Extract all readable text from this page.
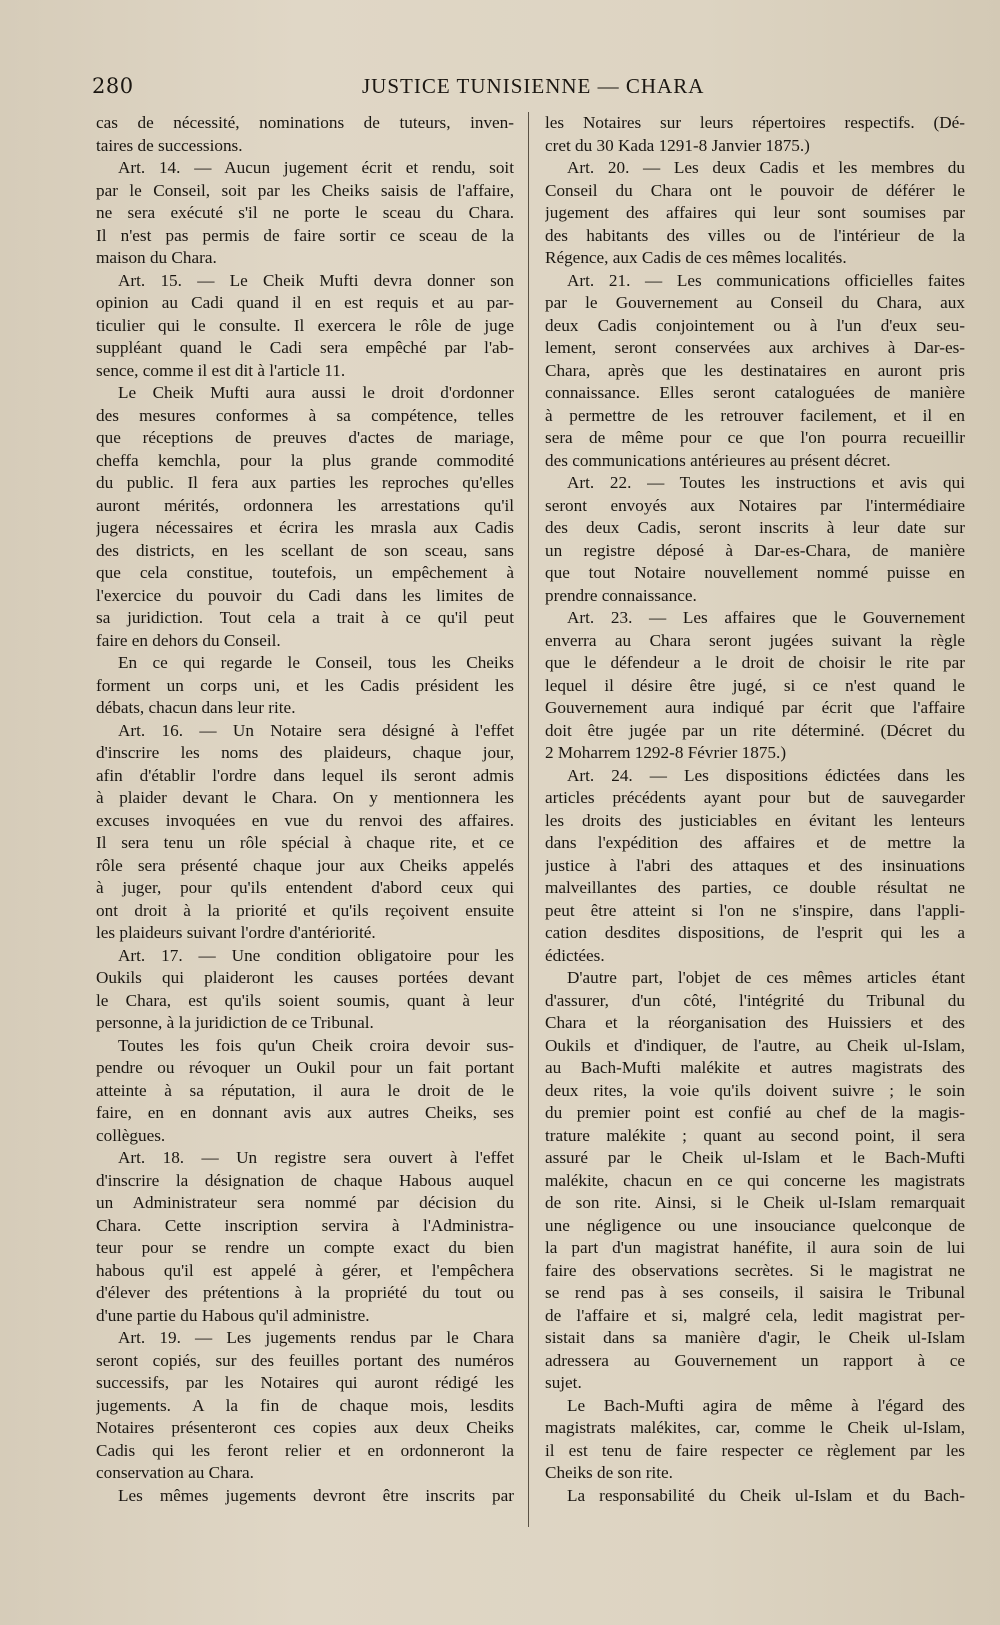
280	JUSTICE TUNISIENNE — CHARA
cas de nécessité, nominations de tuteurs, inven-
taires de successions.
Art. 14. — Aucun jugement écrit et rendu, soit
par le Conseil, soit par les Cheiks saisis de l'affaire,
ne sera exécuté s'il ne porte le sceau du Chara.
Il n'est pas permis de faire sortir ce sceau de la
maison du Chara.
Art. 15. — Le Cheik Mufti devra donner son
opinion au Cadi quand il en est requis et au par-
ticulier qui le consulte. Il exercera le rôle de juge
suppléant quand le Cadi sera empêché par l'ab-
sence, comme il est dit à l'article 11.
Le Cheik Mufti aura aussi le droit d'ordonner
des mesures conformes à sa compétence, telles
que réceptions de preuves d'actes de mariage,
cheffa kemchla, pour la plus grande commodité
du public. Il fera aux parties les reproches qu'elles
auront mérités, ordonnera les arrestations qu'il
jugera nécessaires et écrira les mrasla aux Cadis
des districts, en les scellant de son sceau, sans
que cela constitue, toutefois, un empêchement à
l'exercice du pouvoir du Cadi dans les limites de
sa juridiction. Tout cela a trait à ce qu'il peut
faire en dehors du Conseil.
En ce qui regarde le Conseil, tous les Cheiks
forment un corps uni, et les Cadis président les
débats, chacun dans leur rite.
Art. 16. — Un Notaire sera désigné à l'effet
d'inscrire les noms des plaideurs, chaque jour,
afin d'établir l'ordre dans lequel ils seront admis
à plaider devant le Chara. On y mentionnera les
excuses invoquées en vue du renvoi des affaires.
Il sera tenu un rôle spécial à chaque rite, et ce
rôle sera présenté chaque jour aux Cheiks appelés
à juger, pour qu'ils entendent d'abord ceux qui
ont droit à la priorité et qu'ils reçoivent ensuite
les plaideurs suivant l'ordre d'antériorité.
Art. 17. — Une condition obligatoire pour les
Oukils qui plaideront les causes portées devant
le Chara, est qu'ils soient soumis, quant à leur
personne, à la juridiction de ce Tribunal.
Toutes les fois qu'un Cheik croira devoir sus-
pendre ou révoquer un Oukil pour un fait portant
atteinte à sa réputation, il aura le droit de le
faire, en en donnant avis aux autres Cheiks, ses
collègues.
Art. 18. — Un registre sera ouvert à l'effet
d'inscrire la désignation de chaque Habous auquel
un Administrateur sera nommé par décision du
Chara. Cette inscription servira à l'Administra-
teur pour se rendre un compte exact du bien
habous qu'il est appelé à gérer, et l'empêchera
d'élever des prétentions à la propriété du tout ou
d'une partie du Habous qu'il administre.
Art. 19. — Les jugements rendus par le Chara
seront copiés, sur des feuilles portant des numéros
successifs, par les Notaires qui auront rédigé les
jugements. A la fin de chaque mois, lesdits
Notaires présenteront ces copies aux deux Cheiks
Cadis qui les feront relier et en ordonneront la
conservation au Chara.
Les mêmes jugements devront être inscrits par
les Notaires sur leurs répertoires respectifs. (Dé-
cret du 30 Kada 1291-8 Janvier 1875.)
Art. 20. — Les deux Cadis et les membres du
Conseil du Chara ont le pouvoir de déférer le
jugement des affaires qui leur sont soumises par
des habitants des villes ou de l'intérieur de la
Régence, aux Cadis de ces mêmes localités.
Art. 21. — Les communications officielles faites
par le Gouvernement au Conseil du Chara, aux
deux Cadis conjointement ou à l'un d'eux seu-
lement, seront conservées aux archives à Dar-es-
Chara, après que les destinataires en auront pris
connaissance. Elles seront cataloguées de manière
à permettre de les retrouver facilement, et il en
sera de même pour ce que l'on pourra recueillir
des communications antérieures au présent décret.
Art. 22. — Toutes les instructions et avis qui
seront envoyés aux Notaires par l'intermédiaire
des deux Cadis, seront inscrits à leur date sur
un registre déposé à Dar-es-Chara, de manière
que tout Notaire nouvellement nommé puisse en
prendre connaissance.
Art. 23. — Les affaires que le Gouvernement
enverra au Chara seront jugées suivant la règle
que le défendeur a le droit de choisir le rite par
lequel il désire être jugé, si ce n'est quand le
Gouvernement aura indiqué par écrit que l'affaire
doit être jugée par un rite déterminé. (Décret du
2 Moharrem 1292-8 Février 1875.)
Art. 24. — Les dispositions édictées dans les
articles précédents ayant pour but de sauvegarder
les droits des justiciables en évitant les lenteurs
dans l'expédition des affaires et de mettre la
justice à l'abri des attaques et des insinuations
malveillantes des parties, ce double résultat ne
peut être atteint si l'on ne s'inspire, dans l'appli-
cation desdites dispositions, de l'esprit qui les a
édictées.
D'autre part, l'objet de ces mêmes articles étant
d'assurer, d'un côté, l'intégrité du Tribunal du
Chara et la réorganisation des Huissiers et des
Oukils et d'indiquer, de l'autre, au Cheik ul-Islam,
au Bach-Mufti malékite et autres magistrats des
deux rites, la voie qu'ils doivent suivre ; le soin
du premier point est confié au chef de la magis-
trature malékite ; quant au second point, il sera
assuré par le Cheik ul-Islam et le Bach-Mufti
malékite, chacun en ce qui concerne les magistrats
de son rite. Ainsi, si le Cheik ul-Islam remarquait
une négligence ou une insouciance quelconque de
la part d'un magistrat hanéfite, il aura soin de lui
faire des observations secrètes. Si le magistrat ne
se rend pas à ses conseils, il saisira le Tribunal
de l'affaire et si, malgré cela, ledit magistrat per-
sistait dans sa manière d'agir, le Cheik ul-Islam
adressera au Gouvernement un rapport à ce
sujet.
Le Bach-Mufti agira de même à l'égard des
magistrats malékites, car, comme le Cheik ul-Islam,
il est tenu de faire respecter ce règlement par les
Cheiks de son rite.
La responsabilité du Cheik ul-Islam et du Bach-
